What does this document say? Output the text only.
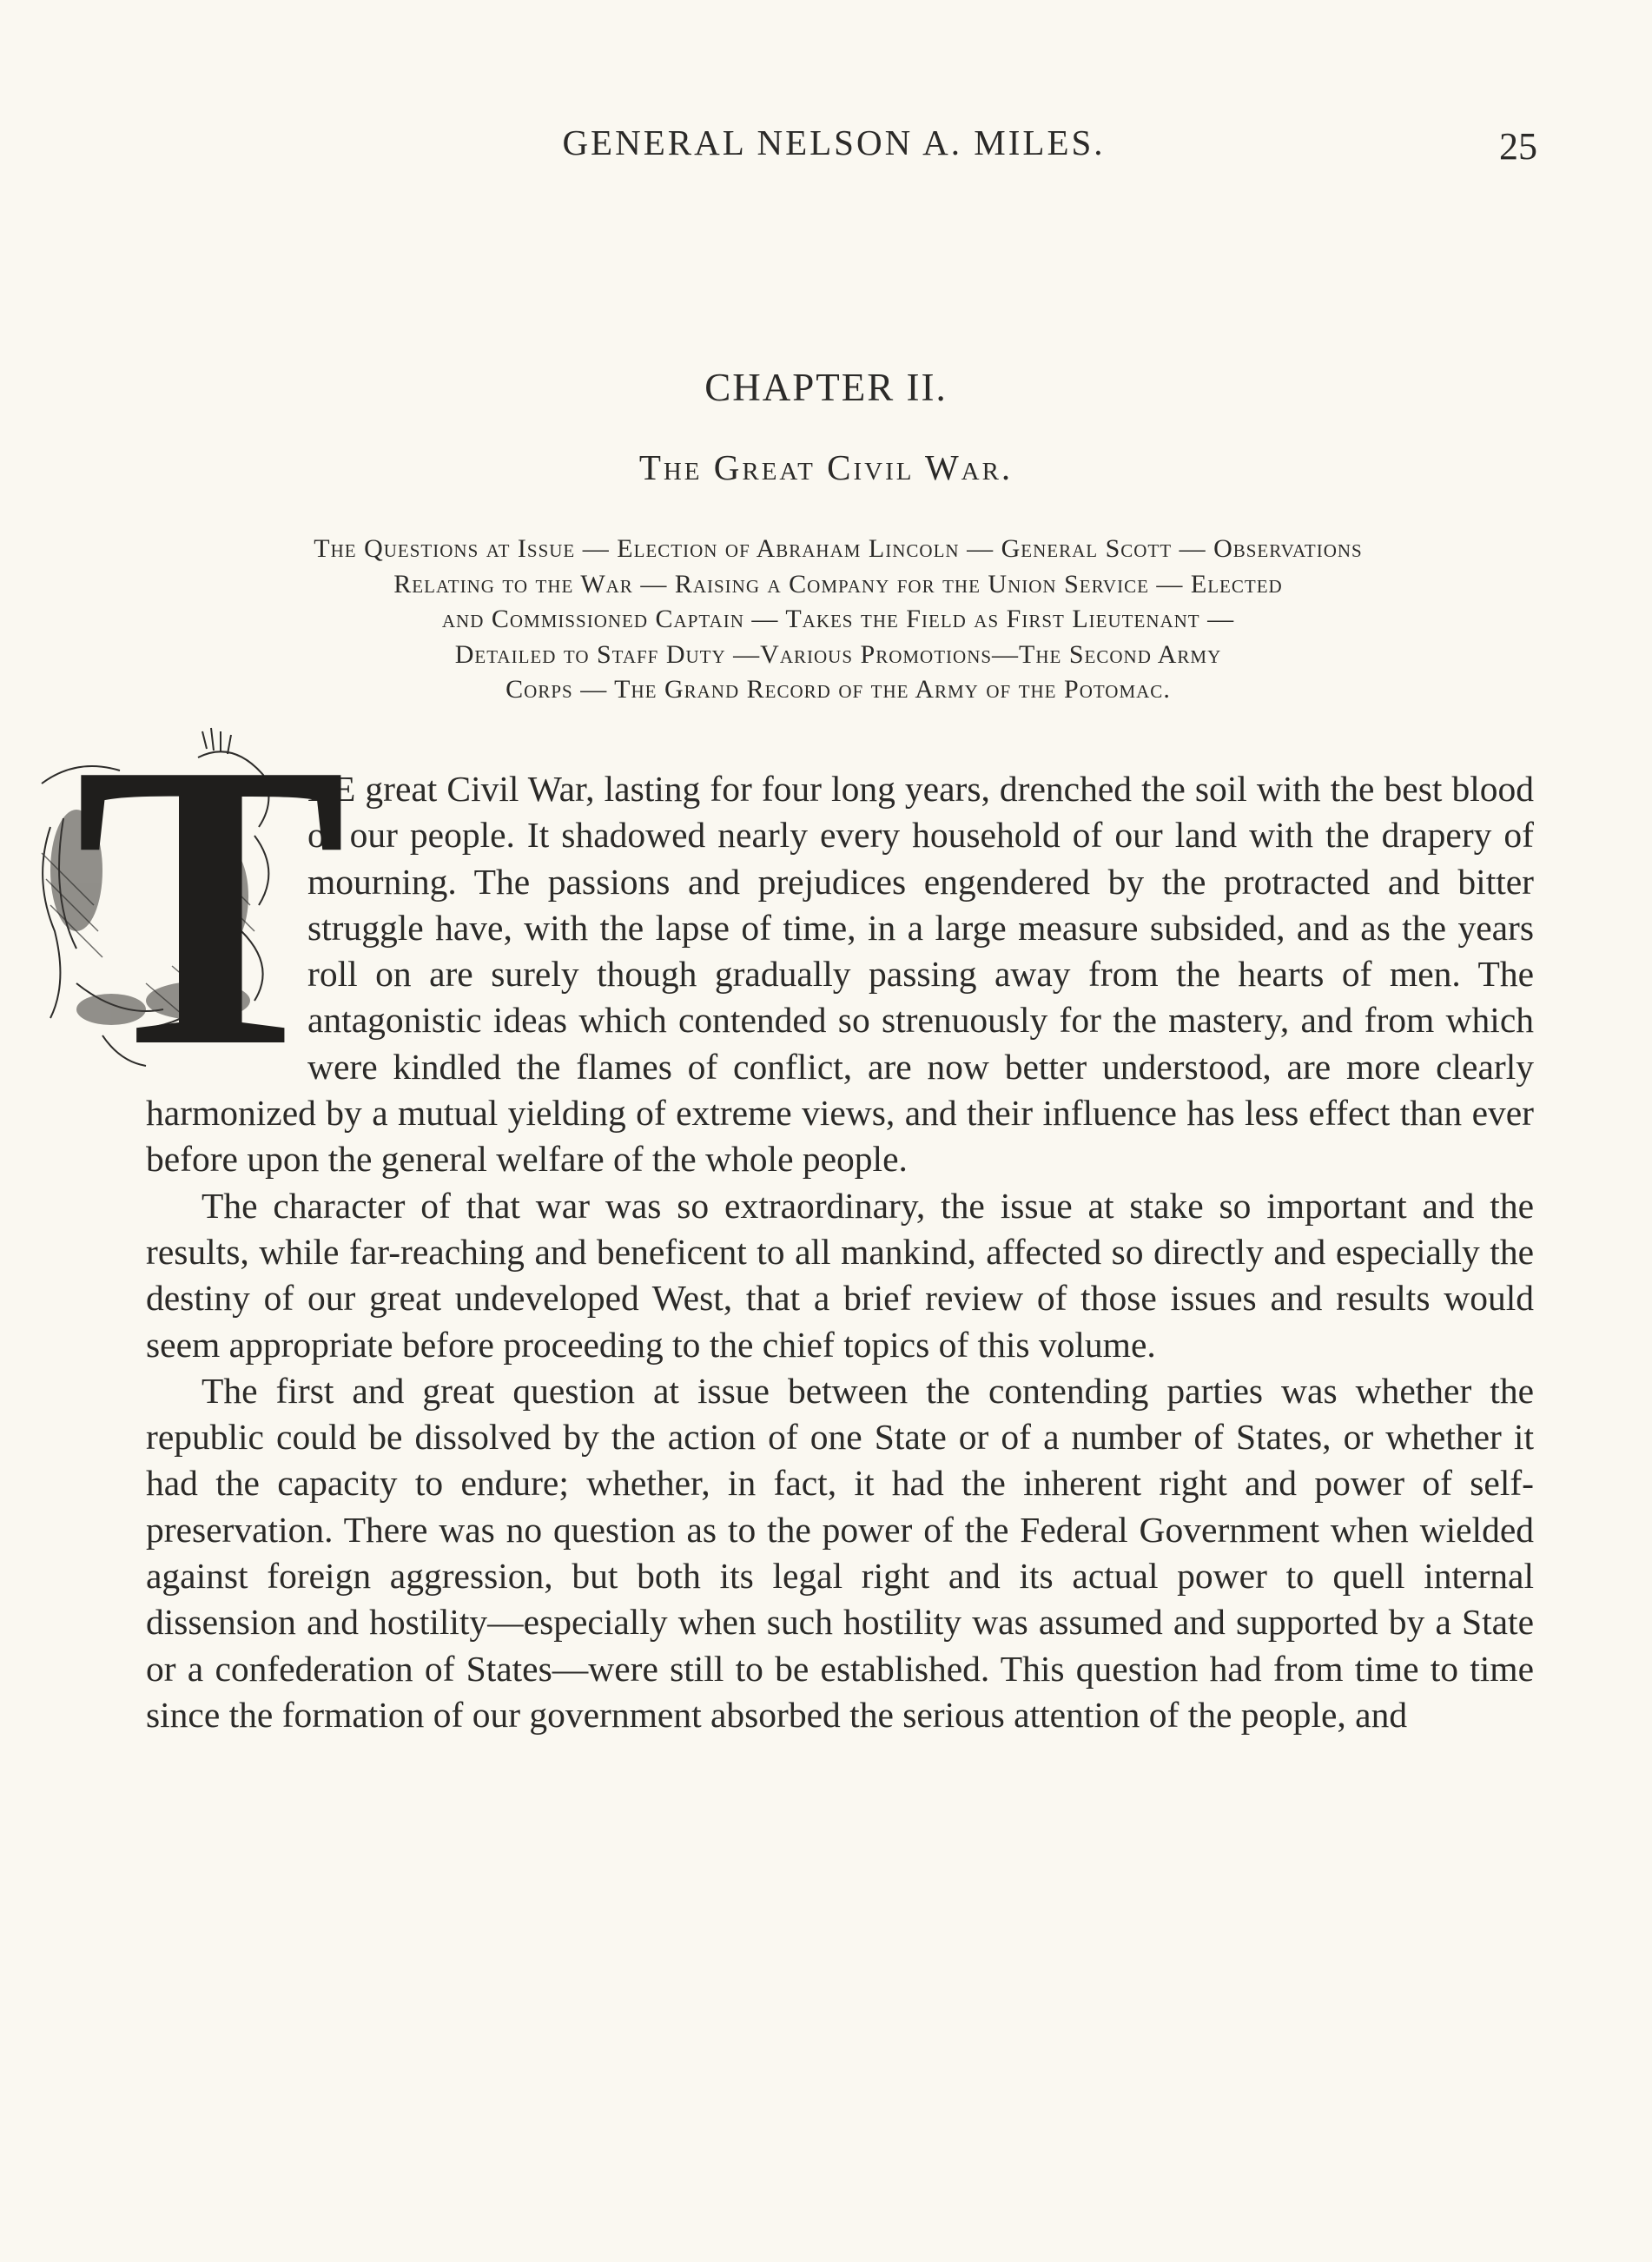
GENERAL NELSON A. MILES.	25
CHAPTER II.
The Great Civil War.
The Questions at Issue — Election of Abraham Lincoln — General Scott — Observations
Relating to the War — Raising a Company for the Union Service — Elected
and Commissioned Captain — Takes the Field as First Lieutenant —
Detailed to Staff Duty —Various Promotions—The Second Army
Corps — The Grand Record of the Army of the Potomac.

T
HE great Civil War, lasting for four long years, drenched the soil with the best blood of our people. It shadowed nearly every household of our land with the drapery of mourning. The passions and prejudices engendered by the protracted and bitter struggle have, with the lapse of time, in a large measure subsided, and as the years roll on are surely though gradually passing away from the hearts of men. The antagonistic ideas which contended so strenuously for the mastery, and from which were kindled the flames of conflict, are now better understood, are more clearly harmonized by a mutual yielding of extreme views, and their influence has less effect than ever before upon the general welfare of the whole people.

The character of that war was so extraordinary, the issue at stake so important and the results, while far-reaching and beneficent to all mankind, affected so directly and especially the destiny of our great undeveloped West, that a brief review of those issues and results would seem appropriate before proceeding to the chief topics of this volume.

The first and great question at issue between the contending parties was whether the republic could be dissolved by the action of one State or of a number of States, or whether it had the capacity to endure; whether, in fact, it had the inherent right and power of self-preservation. There was no question as to the power of the Federal Government when wielded against foreign aggression, but both its legal right and its actual power to quell internal dissension and hostility—especially when such hostility was assumed and supported by a State or a confederation of States—were still to be established. This question had from time to time since the formation of our government absorbed the serious attention of the people, and
